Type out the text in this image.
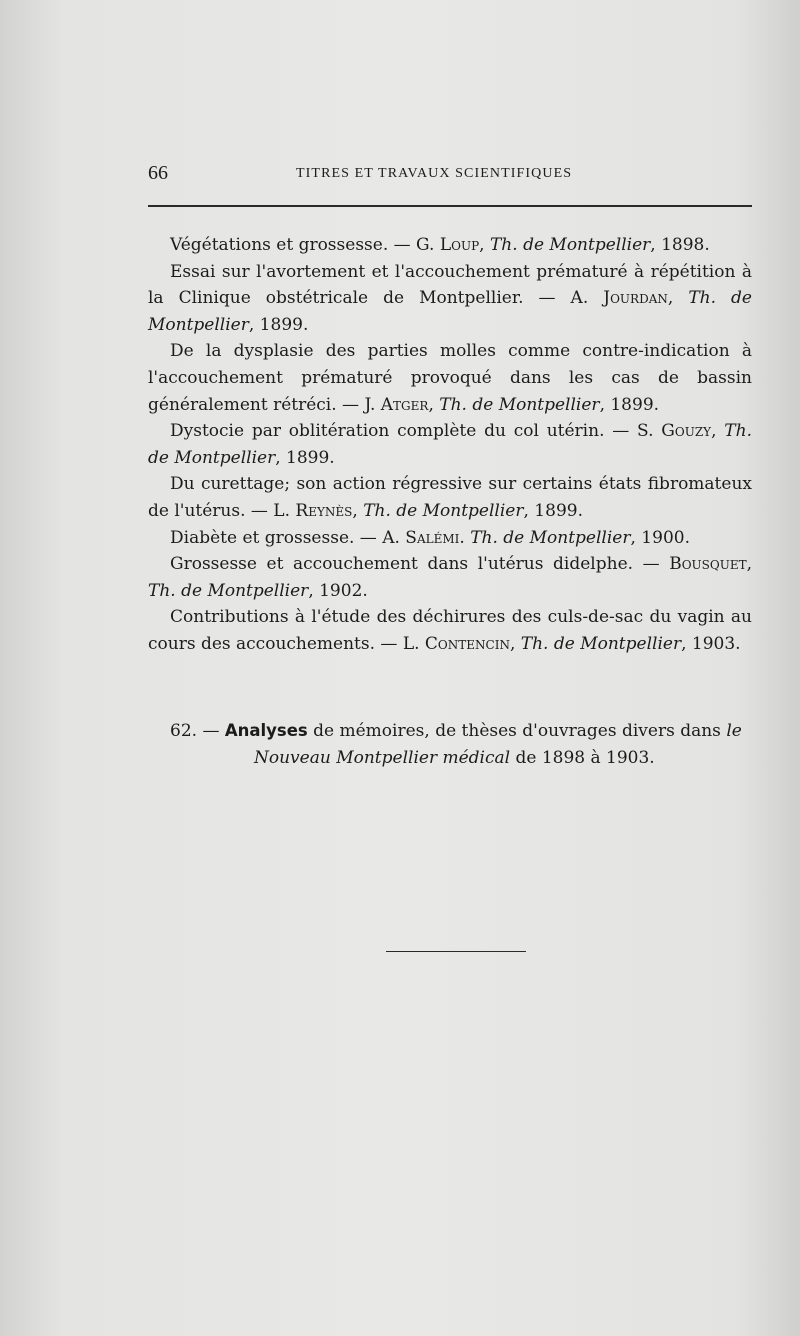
66	TITRES ET TRAVAUX SCIENTIFIQUES

Végétations et grossesse. — G. Loup, Th. de Montpellier, 1898.

Essai sur l'avortement et l'accouchement prématuré à répétition à la Clinique obstétricale de Montpellier. — A. Jourdan, Th. de Montpellier, 1899.

De la dysplasie des parties molles comme contre-indication à l'accouchement prématuré provoqué dans les cas de bassin généralement rétréci. — J. Atger, Th. de Montpellier, 1899.

Dystocie par oblitération complète du col utérin. — S. Gouzy, Th. de Montpellier, 1899.

Du curettage; son action régressive sur certains états fibromateux de l'utérus. — L. Reynès, Th. de Montpellier, 1899.

Diabète et grossesse. — A. Salémi. Th. de Montpellier, 1900.

Grossesse et accouchement dans l'utérus didelphe. — Bousquet, Th. de Montpellier, 1902.

Contributions à l'étude des déchirures des culs-de-sac du vagin au cours des accouchements. — L. Contencin, Th. de Montpellier, 1903.

62. — Analyses de mémoires, de thèses d'ouvrages divers dans le

Nouveau Montpellier médical de 1898 à 1903.
